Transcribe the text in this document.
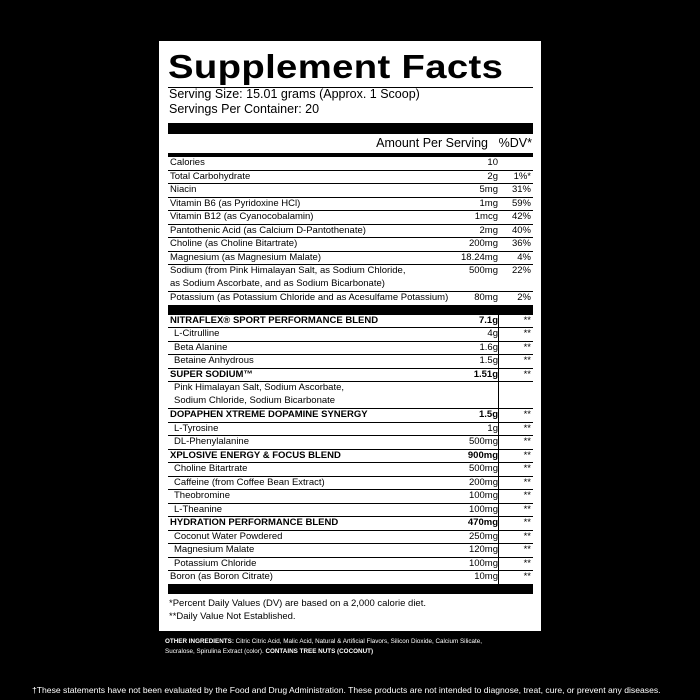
Supplement Facts
Serving Size: 15.01 grams (Approx. 1 Scoop)
Servings Per Container: 20
Amount Per Serving %DV*
Calories	10
Total Carbohydrate	2g 1%*
Niacin	5mg 31%
Vitamin B6 (as Pyridoxine HCl)	1mg 59%
Vitamin B12 (as Cyanocobalamin)	1mcg 42%
Pantothenic Acid (as Calcium D-Pantothenate)	2mg 40%
Choline (as Choline Bitartrate)	200mg 36%
Magnesium (as Magnesium Malate)	18.24mg 4%
Sodium (from Pink Himalayan Salt, as Sodium Chloride,
as Sodium Ascorbate, and as Sodium Bicarbonate)
500mg 22%
Potassium (as Potassium Chloride and as Acesulfame Potassium)	80mg 2%
NITRAFLEX® SPORT PERFORMANCE BLEND	7.1g	**
L-Citrulline	4g	**
Beta Alanine	1.6g	**
Betaine Anhydrous	1.5g	**
SUPER SODIUM™	1.51g	**
Pink Himalayan Salt, Sodium Ascorbate,
Sodium Chloride, Sodium Bicarbonate
DOPAPHEN XTREME DOPAMINE SYNERGY	1.5g	**
L-Tyrosine	1g	**
DL-Phenylalanine	500mg	**
XPLOSIVE ENERGY & FOCUS BLEND	900mg	**
Choline Bitartrate	500mg	**
Caffeine (from Coffee Bean Extract)	200mg	**
Theobromine	100mg	**
L-Theanine	100mg	**
HYDRATION PERFORMANCE BLEND	470mg	**
Coconut Water Powdered	250mg	**
Magnesium Malate	120mg	**
Potassium Chloride	100mg	**
Boron (as Boron Citrate)	10mg	**
*Percent Daily Values (DV) are based on a 2,000 calorie diet.
**Daily Value Not Established.
OTHER INGREDIENTS: Citric Citric Acid, Malic Acid, Natural & Artificial Flavors, Silicon Dioxide, Calcium Silicate, Sucralose, Spirulina Extract (color). CONTAINS TREE NUTS (COCONUT)
†These statements have not been evaluated by the Food and Drug Administration. These products are not intended to diagnose, treat, cure, or prevent any diseases.
